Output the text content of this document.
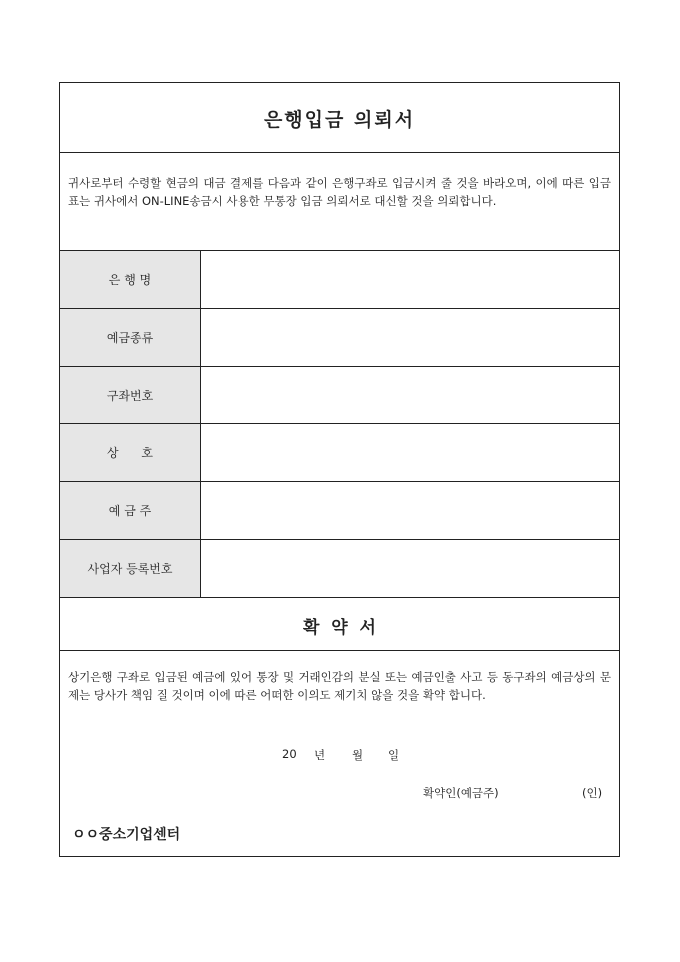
은행입금 의뢰서
귀사로부터 수령할 현금의 대금 결제를 다음과 같이 은행구좌로 입금시켜 줄 것을 바라오며, 이에 따른 입금표는 귀사에서 ON-LINE송금시 사용한 무통장 입금 의뢰서로 대신할 것을 의뢰합니다.
은 행 명
예금종류
구좌번호
상      호
예 금 주
사업자 등록번호
확  약  서
상기은행 구좌로 입금된 예금에 있어 통장 및 거래인감의 분실 또는 예금인출 사고 등 동구좌의 예금상의 문제는 당사가 책임 질 것이며 이에 따른 어떠한 이의도 제기치 않을 것을 확약 합니다.
20 년 월 일
확약인(예금주)	(인)
ㅇㅇ중소기업센터
